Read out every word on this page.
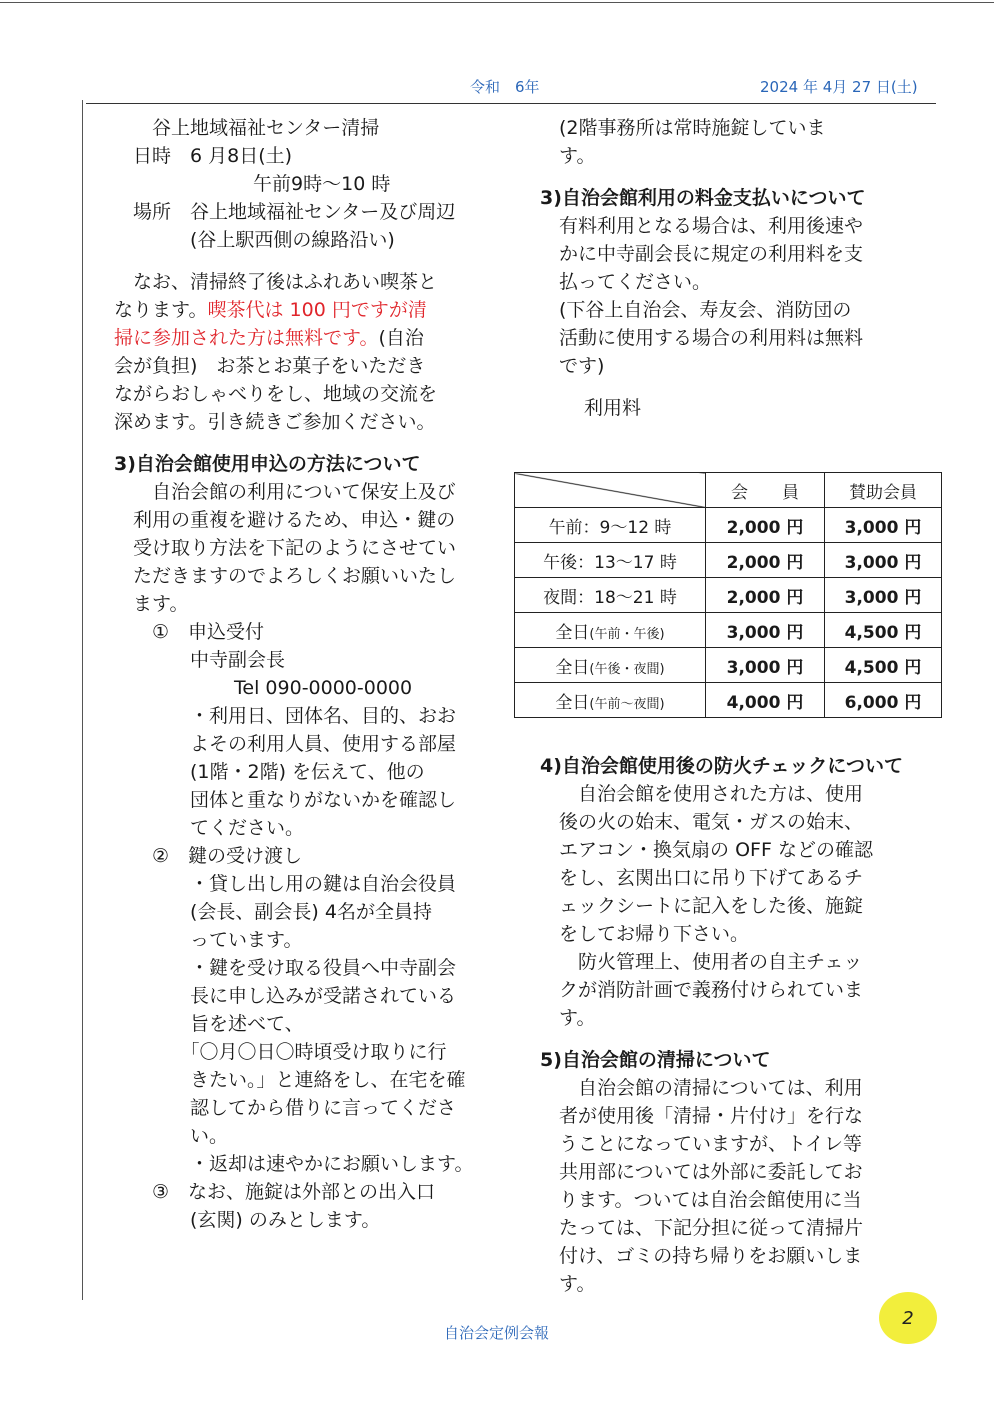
令和　6年	2024 年 4月 27 日(土)
　　谷上地域福祉センター清掃
　日時　6 月8日(土)
　　　　　　　 午前9時～10 時
　場所　谷上地域福祉センター及び周辺
　　　　(谷上駅西側の線路沿い)
　なお、清掃終了後はふれあい喫茶と
なります。喫茶代は 100 円ですが清
掃に参加された方は無料です。(自治
会が負担)　お茶とお菓子をいただき
ながらおしゃべりをし、地域の交流を
深めます。引き続きご参加ください。
3)自治会館使用申込の方法について
　　自治会館の利用について保安上及び
　利用の重複を避けるため、申込・鍵の
　受け取り方法を下記のようにさせてい
　ただきますのでよろしくお願いいたし
　ます。
　　①　申込受付
　　　　中寺副会長
　　　　　　 Tel 090-0000-0000
　　　　・利用日、団体名、目的、おお
　　　　よその利用人員、使用する部屋
　　　　(1階・2階) を伝えて、他の
　　　　団体と重なりがないかを確認し
　　　　てください。
　　②　鍵の受け渡し
　　　　・貸し出し用の鍵は自治会役員
　　　　(会長、副会長) 4名が全員持
　　　　っています。
　　　　・鍵を受け取る役員へ中寺副会
　　　　長に申し込みが受諾されている
　　　　旨を述べて、
　　　　「〇月〇日〇時頃受け取りに行
　　　　きたい。」と連絡をし、在宅を確
　　　　認してから借りに言ってくださ
　　　　い。
　　　　・返却は速やかにお願いします。
　　③　なお、施錠は外部との出入口
　　　　(玄関) のみとします。
　(2階事務所は常時施錠していま
　す。
3)自治会館利用の料金支払いについて
　有料利用となる場合は、利用後速や
　かに中寺副会長に規定の利用料を支
　払ってください。
　(下谷上自治会、寿友会、消防団の
　活動に使用する場合の利用料は無料
　です)
　　 利用料
	会　　員	賛助会員
午前：9～12 時	2,000 円	3,000 円
午後：13～17 時	2,000 円	3,000 円
夜間：18～21 時	2,000 円	3,000 円
全日(午前・午後)	3,000 円	4,500 円
全日(午後・夜間)	3,000 円	4,500 円
全日(午前～夜間)	4,000 円	6,000 円
4)自治会館使用後の防火チェックについて
　　自治会館を使用された方は、使用
　後の火の始末、電気・ガスの始末、
　エアコン・換気扇の OFF などの確認
　をし、玄関出口に吊り下げてあるチ
　ェックシートに記入をした後、施錠
　をしてお帰り下さい。
　　防火管理上、使用者の自主チェッ
　クが消防計画で義務付けられていま
　す。
5)自治会館の清掃について
　　自治会館の清掃については、利用
　者が使用後「清掃・片付け」を行な
　うことになっていますが、トイレ等
　共用部については外部に委託してお
　ります。ついては自治会館使用に当
　たっては、下記分担に従って清掃片
　付け、ゴミの持ち帰りをお願いしま
　す。
自治会定例会報
2
